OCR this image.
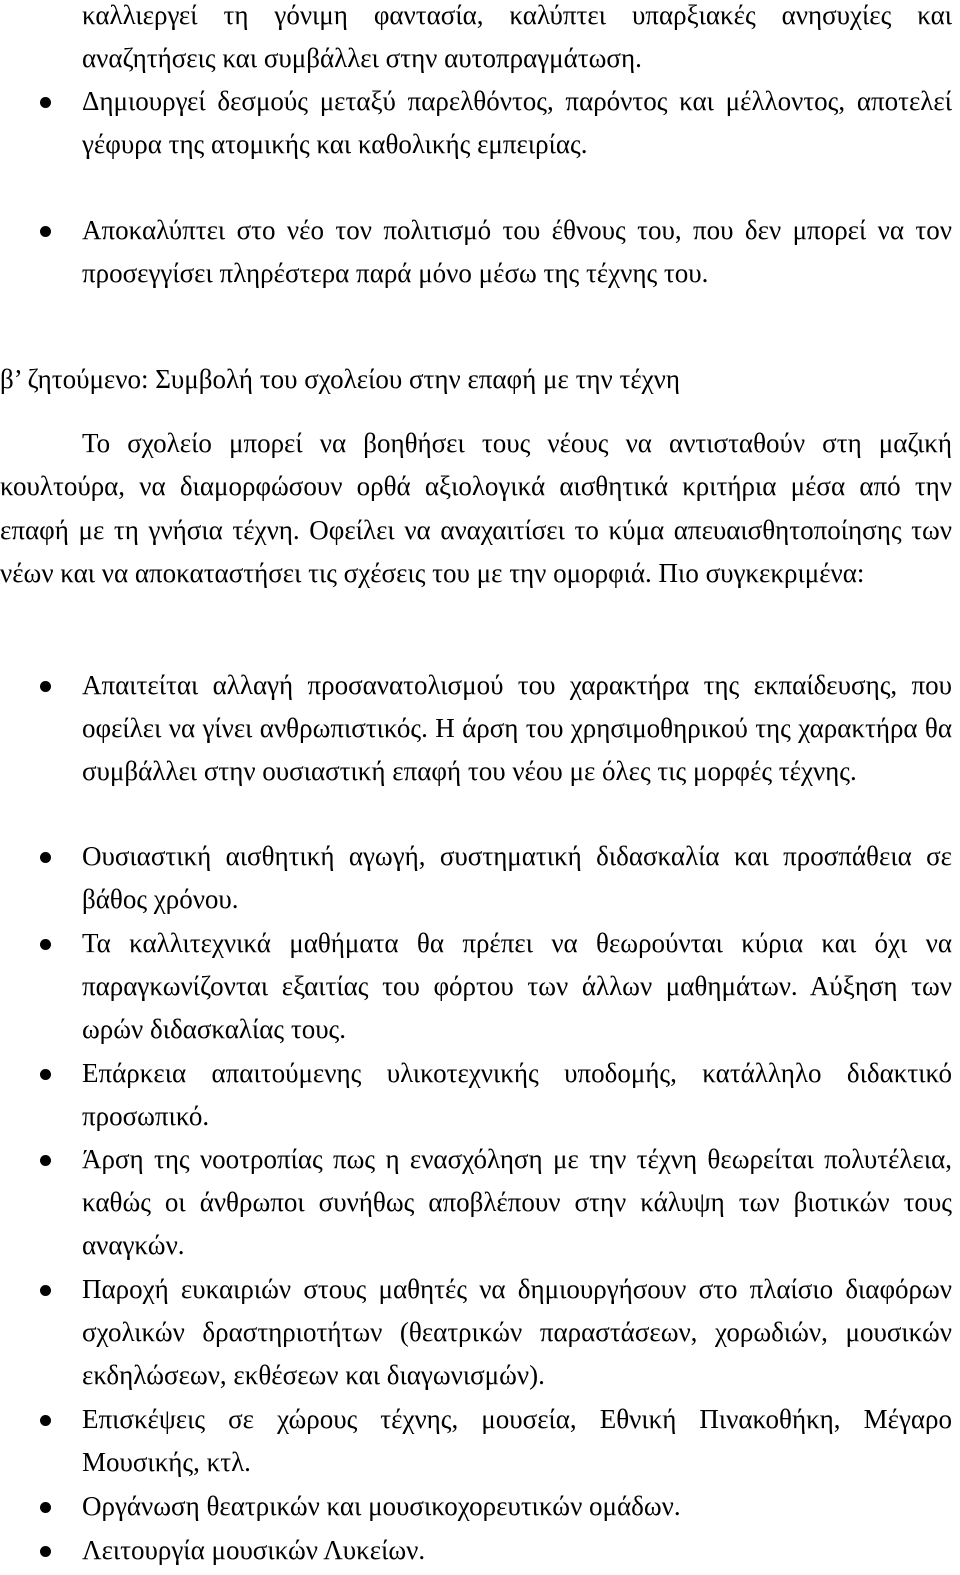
καλλιεργεί τη γόνιμη φαντασία, καλύπτει υπαρξιακές ανησυχίες και αναζητήσεις και συμβάλλει στην αυτοπραγμάτωση.

Δημιουργεί δεσμούς μεταξύ παρελθόντος, παρόντος και μέλλοντος, αποτελεί γέφυρα της ατομικής και καθολικής εμπειρίας.

Αποκαλύπτει στο νέο τον πολιτισμό του έθνους του, που δεν μπορεί να τον προσεγγίσει πληρέστερα παρά μόνο μέσω της τέχνης του.

β’ ζητούμενο: Συμβολή του σχολείου στην επαφή με την τέχνη

Το σχολείο μπορεί να βοηθήσει τους νέους να αντισταθούν στη μαζική κουλτούρα, να διαμορφώσουν ορθά αξιολογικά αισθητικά κριτήρια μέσα από την επαφή με τη γνήσια τέχνη. Οφείλει να αναχαιτίσει το κύμα απευαισθητοποίησης των νέων και να αποκαταστήσει τις σχέσεις του με την ομορφιά. Πιο συγκεκριμένα:

Απαιτείται αλλαγή προσανατολισμού του χαρακτήρα της εκπαίδευσης, που οφείλει να γίνει ανθρωπιστικός. Η άρση του χρησιμοθηρικού της χαρακτήρα θα συμβάλλει στην ουσιαστική επαφή του νέου με όλες τις μορφές τέχνης.

Ουσιαστική αισθητική αγωγή, συστηματική διδασκαλία και προσπάθεια σε βάθος χρόνου.

Τα καλλιτεχνικά μαθήματα θα πρέπει να θεωρούνται κύρια και όχι να παραγκωνίζονται εξαιτίας του φόρτου των άλλων μαθημάτων. Αύξηση των ωρών διδασκαλίας τους.

Επάρκεια απαιτούμενης υλικοτεχνικής υποδομής, κατάλληλο διδακτικό προσωπικό.

Άρση της νοοτροπίας πως η ενασχόληση με την τέχνη θεωρείται πολυτέλεια, καθώς οι άνθρωποι συνήθως αποβλέπουν στην κάλυψη των βιοτικών τους αναγκών.

Παροχή ευκαιριών στους μαθητές να δημιουργήσουν στο πλαίσιο διαφόρων σχολικών δραστηριοτήτων (θεατρικών παραστάσεων, χορωδιών, μουσικών εκδηλώσεων, εκθέσεων και διαγωνισμών).

Επισκέψεις σε χώρους τέχνης, μουσεία, Εθνική Πινακοθήκη, Μέγαρο Μουσικής, κτλ.

Οργάνωση θεατρικών και μουσικοχορευτικών ομάδων.

Λειτουργία μουσικών Λυκείων.
